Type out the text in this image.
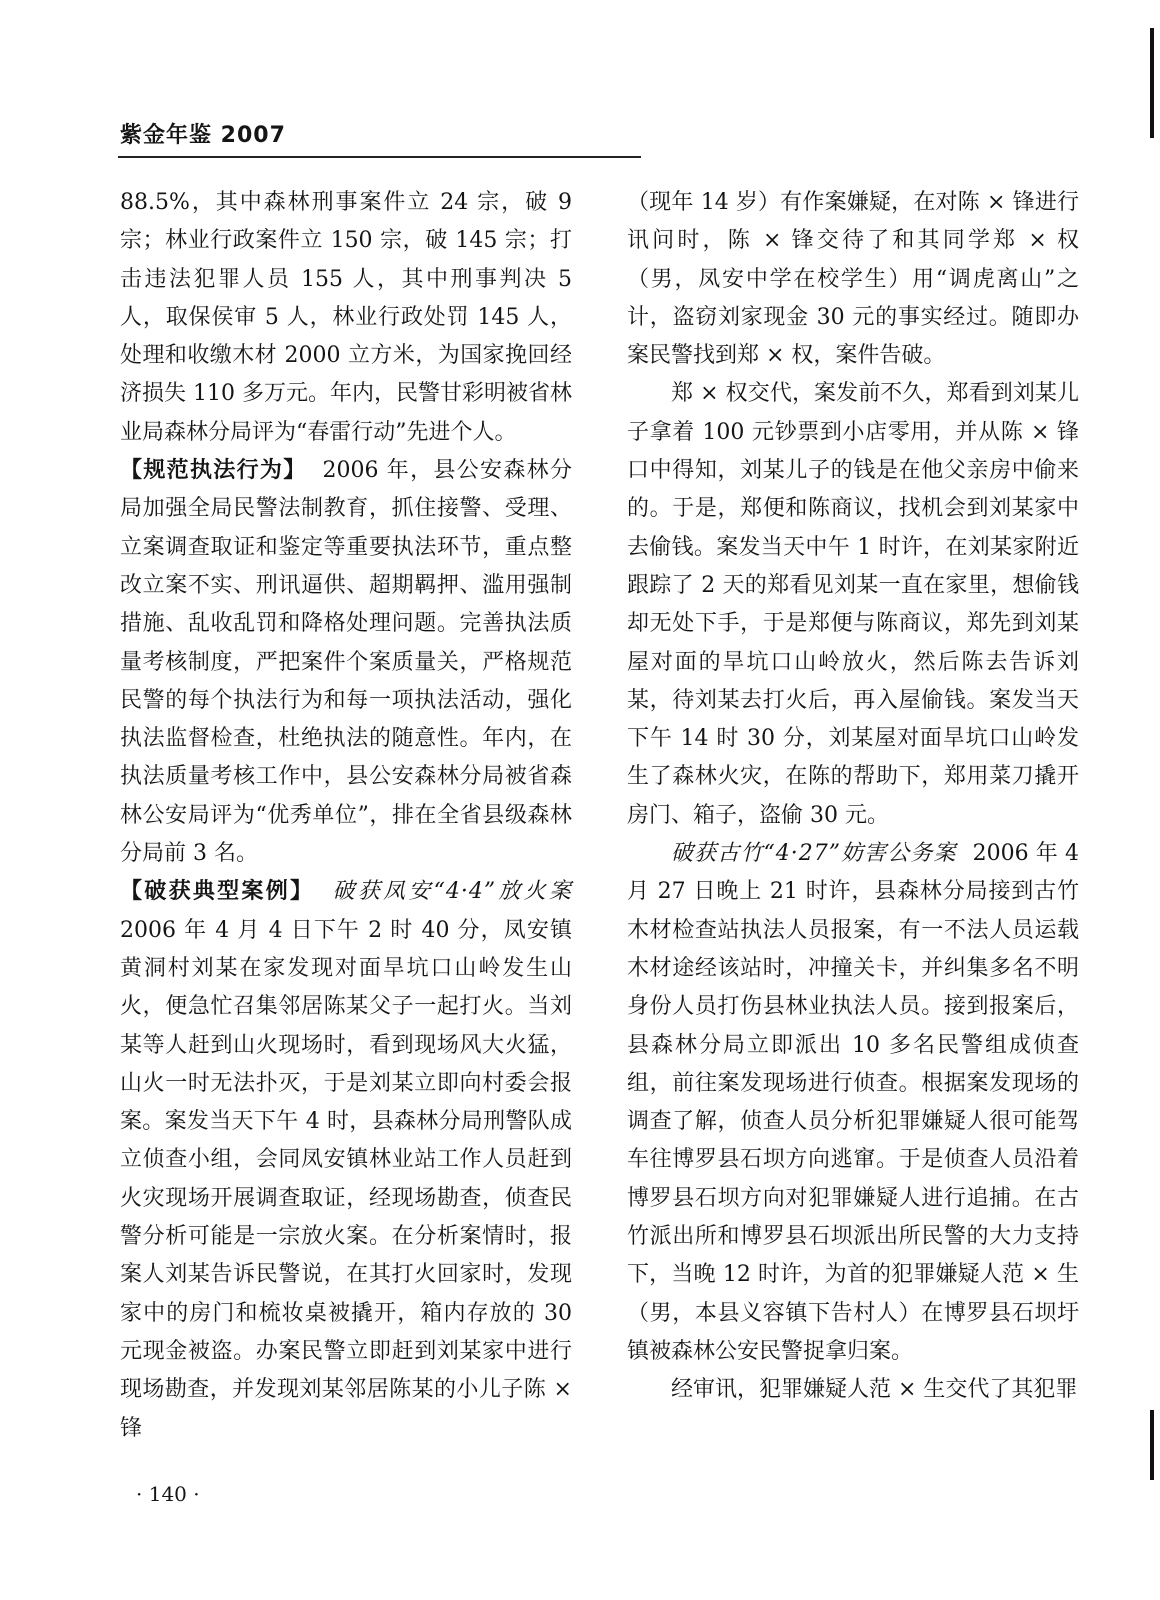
紫金年鉴 2007

88.5%，其中森林刑事案件立 24 宗，破 9 宗；林业行政案件立 150 宗，破 145 宗；打击违法犯罪人员 155 人，其中刑事判决 5 人，取保侯审 5 人，林业行政处罚 145 人，处理和收缴木材 2000 立方米，为国家挽回经济损失 110 多万元。年内，民警甘彩明被省林业局森林分局评为“春雷行动”先进个人。

【规范执法行为】 2006 年，县公安森林分局加强全局民警法制教育，抓住接警、受理、立案调查取证和鉴定等重要执法环节，重点整改立案不实、刑讯逼供、超期羁押、滥用强制措施、乱收乱罚和降格处理问题。完善执法质量考核制度，严把案件个案质量关，严格规范民警的每个执法行为和每一项执法活动，强化执法监督检查，杜绝执法的随意性。年内，在执法质量考核工作中，县公安森林分局被省森林公安局评为“优秀单位”，排在全省县级森林分局前 3 名。

【破获典型案例】 破获凤安“4·4”放火案 2006 年 4 月 4 日下午 2 时 40 分，凤安镇黄洞村刘某在家发现对面旱坑口山岭发生山火，便急忙召集邻居陈某父子一起打火。当刘某等人赶到山火现场时，看到现场风大火猛，山火一时无法扑灭，于是刘某立即向村委会报案。案发当天下午 4 时，县森林分局刑警队成立侦查小组，会同凤安镇林业站工作人员赶到火灾现场开展调查取证，经现场勘查，侦查民警分析可能是一宗放火案。在分析案情时，报案人刘某告诉民警说，在其打火回家时，发现家中的房门和梳妆桌被撬开，箱内存放的 30 元现金被盗。办案民警立即赶到刘某家中进行现场勘查，并发现刘某邻居陈某的小儿子陈 × 锋

（现年 14 岁）有作案嫌疑，在对陈 × 锋进行讯问时，陈 × 锋交待了和其同学郑 × 权（男，凤安中学在校学生）用“调虎离山”之计，盗窃刘家现金 30 元的事实经过。随即办案民警找到郑 × 权，案件告破。

郑 × 权交代，案发前不久，郑看到刘某儿子拿着 100 元钞票到小店零用，并从陈 × 锋口中得知，刘某儿子的钱是在他父亲房中偷来的。于是，郑便和陈商议，找机会到刘某家中去偷钱。案发当天中午 1 时许，在刘某家附近跟踪了 2 天的郑看见刘某一直在家里，想偷钱却无处下手，于是郑便与陈商议，郑先到刘某屋对面的旱坑口山岭放火，然后陈去告诉刘某，待刘某去打火后，再入屋偷钱。案发当天下午 14 时 30 分，刘某屋对面旱坑口山岭发生了森林火灾，在陈的帮助下，郑用菜刀撬开房门、箱子，盗偷 30 元。

破获古竹“4·27”妨害公务案 2006 年 4 月 27 日晚上 21 时许，县森林分局接到古竹木材检查站执法人员报案，有一不法人员运载木材途经该站时，冲撞关卡，并纠集多名不明身份人员打伤县林业执法人员。接到报案后，县森林分局立即派出 10 多名民警组成侦查组，前往案发现场进行侦查。根据案发现场的调查了解，侦查人员分析犯罪嫌疑人很可能驾车往博罗县石坝方向逃窜。于是侦查人员沿着博罗县石坝方向对犯罪嫌疑人进行追捕。在古竹派出所和博罗县石坝派出所民警的大力支持下，当晚 12 时许，为首的犯罪嫌疑人范 × 生（男，本县义容镇下告村人）在博罗县石坝圩镇被森林公安民警捉拿归案。

经审讯，犯罪嫌疑人范 × 生交代了其犯罪

· 140 ·
